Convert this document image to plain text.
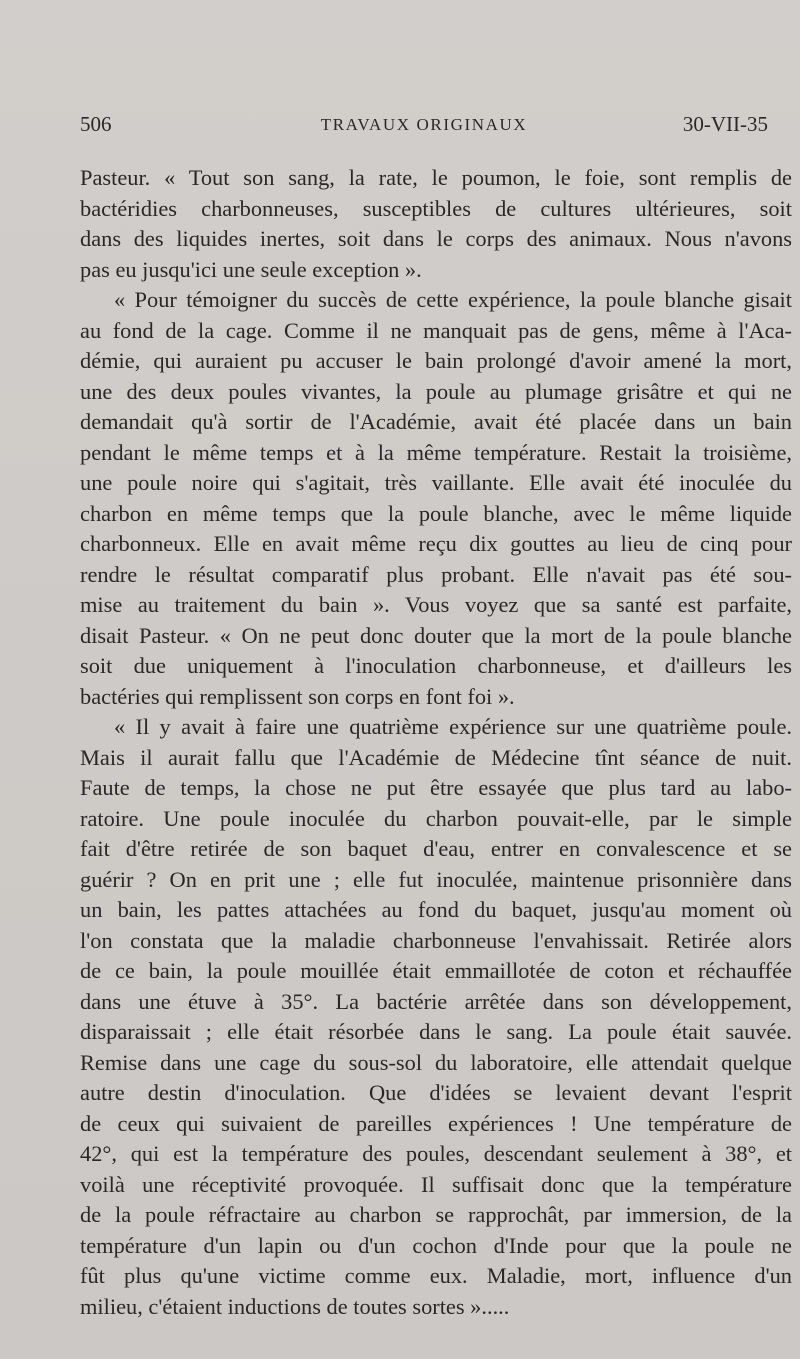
506	TRAVAUX ORIGINAUX	30-VII-35
Pasteur. « Tout son sang, la rate, le poumon, le foie, sont remplis de
bactéridies charbonneuses, susceptibles de cultures ultérieures, soit
dans des liquides inertes, soit dans le corps des animaux. Nous n'avons
pas eu jusqu'ici une seule exception ».
« Pour témoigner du succès de cette expérience, la poule blanche gisait
au fond de la cage. Comme il ne manquait pas de gens, même à l'Aca-
démie, qui auraient pu accuser le bain prolongé d'avoir amené la mort,
une des deux poules vivantes, la poule au plumage grisâtre et qui ne
demandait qu'à sortir de l'Académie, avait été placée dans un bain
pendant le même temps et à la même température. Restait la troisième,
une poule noire qui s'agitait, très vaillante. Elle avait été inoculée du
charbon en même temps que la poule blanche, avec le même liquide
charbonneux. Elle en avait même reçu dix gouttes au lieu de cinq pour
rendre le résultat comparatif plus probant. Elle n'avait pas été sou-
mise au traitement du bain ». Vous voyez que sa santé est parfaite,
disait Pasteur. « On ne peut donc douter que la mort de la poule blanche
soit due uniquement à l'inoculation charbonneuse, et d'ailleurs les
bactéries qui remplissent son corps en font foi ».
« Il y avait à faire une quatrième expérience sur une quatrième poule.
Mais il aurait fallu que l'Académie de Médecine tînt séance de nuit.
Faute de temps, la chose ne put être essayée que plus tard au labo-
ratoire. Une poule inoculée du charbon pouvait-elle, par le simple
fait d'être retirée de son baquet d'eau, entrer en convalescence et se
guérir ? On en prit une ; elle fut inoculée, maintenue prisonnière dans
un bain, les pattes attachées au fond du baquet, jusqu'au moment où
l'on constata que la maladie charbonneuse l'envahissait. Retirée alors
de ce bain, la poule mouillée était emmaillotée de coton et réchauffée
dans une étuve à 35°. La bactérie arrêtée dans son développement,
disparaissait ; elle était résorbée dans le sang. La poule était sauvée.
Remise dans une cage du sous-sol du laboratoire, elle attendait quelque
autre destin d'inoculation. Que d'idées se levaient devant l'esprit
de ceux qui suivaient de pareilles expériences ! Une température de
42°, qui est la température des poules, descendant seulement à 38°, et
voilà une réceptivité provoquée. Il suffisait donc que la température
de la poule réfractaire au charbon se rapprochât, par immersion, de la
température d'un lapin ou d'un cochon d'Inde pour que la poule ne
fût plus qu'une victime comme eux. Maladie, mort, influence d'un
milieu, c'étaient inductions de toutes sortes ».....
